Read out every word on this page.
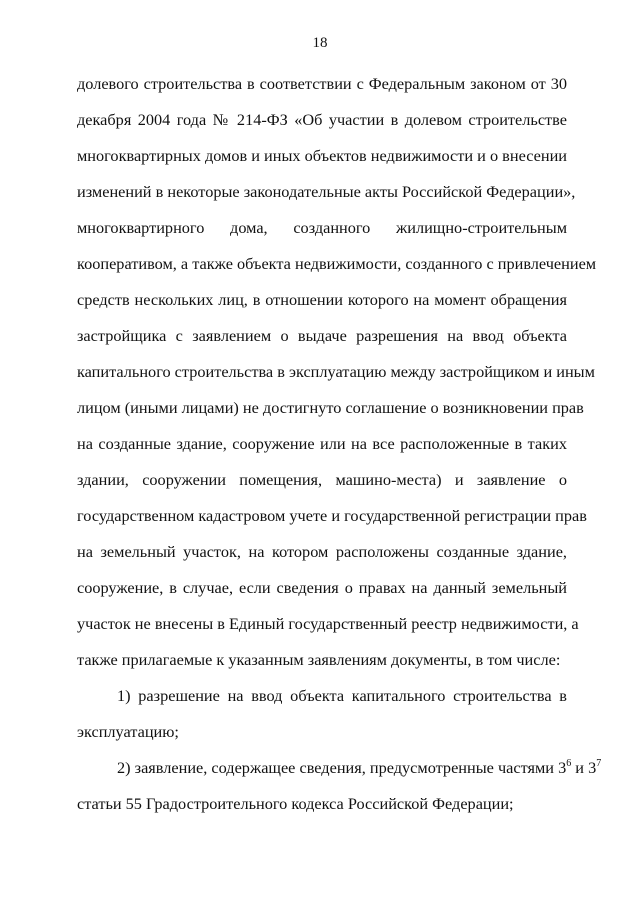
18
долевого строительства в соответствии с Федеральным законом от 30
декабря 2004 года № 214-ФЗ «Об участии в долевом строительстве
многоквартирных домов и иных объектов недвижимости и о внесении
изменений в некоторые законодательные акты Российской Федерации»,
многоквартирного дома, созданного жилищно-строительным
кооперативом, а также объекта недвижимости, созданного с привлечением
средств нескольких лиц, в отношении которого на момент обращения
застройщика с заявлением о выдаче разрешения на ввод объекта
капитального строительства в эксплуатацию между застройщиком и иным
лицом (иными лицами) не достигнуто соглашение о возникновении прав
на созданные здание, сооружение или на все расположенные в таких
здании, сооружении помещения, машино-места) и заявление о
государственном кадастровом учете и государственной регистрации прав
на земельный участок, на котором расположены созданные здание,
сооружение, в случае, если сведения о правах на данный земельный
участок не внесены в Единый государственный реестр недвижимости, а
также прилагаемые к указанным заявлениям документы, в том числе:
1) разрешение на ввод объекта капитального строительства в
эксплуатацию;
2) заявление, содержащее сведения, предусмотренные частями $3^6$ и $3^7$
статьи 55 Градостроительного кодекса Российской Федерации;
